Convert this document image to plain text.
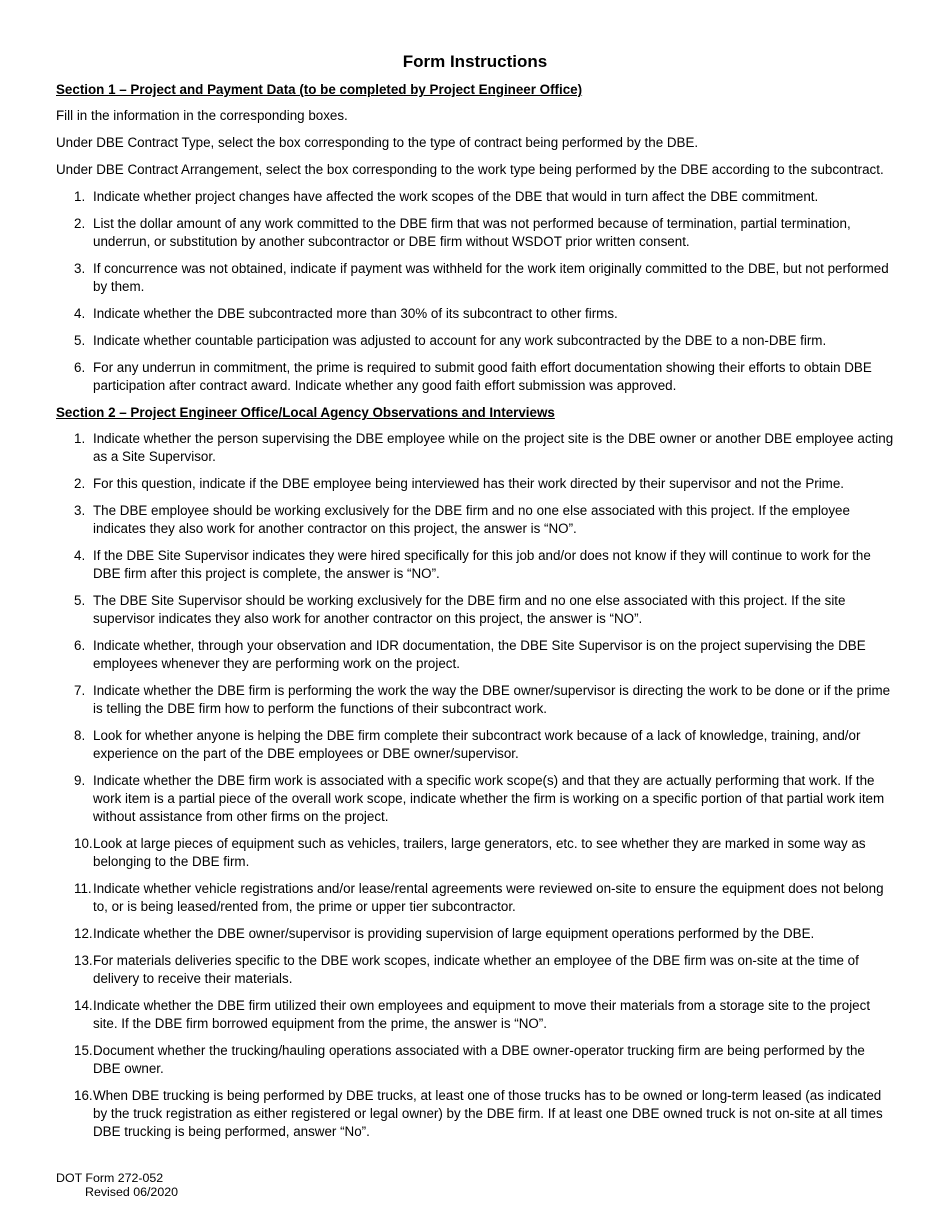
Form Instructions
Section 1 – Project and Payment Data (to be completed by Project Engineer Office)

Fill in the information in the corresponding boxes.

Under DBE Contract Type, select the box corresponding to the type of contract being performed by the DBE.

Under DBE Contract Arrangement, select the box corresponding to the work type being performed by the DBE according to the subcontract.

1. Indicate whether project changes have affected the work scopes of the DBE that would in turn affect the DBE commitment.
2. List the dollar amount of any work committed to the DBE firm that was not performed because of termination, partial termination, underrun, or substitution by another subcontractor or DBE firm without WSDOT prior written consent.
3. If concurrence was not obtained, indicate if payment was withheld for the work item originally committed to the DBE, but not performed by them.
4. Indicate whether the DBE subcontracted more than 30% of its subcontract to other firms.
5. Indicate whether countable participation was adjusted to account for any work subcontracted by the DBE to a non-DBE firm.
6. For any underrun in commitment, the prime is required to submit good faith effort documentation showing their efforts to obtain DBE participation after contract award. Indicate whether any good faith effort submission was approved.
Section 2 – Project Engineer Office/Local Agency Observations and Interviews
1. Indicate whether the person supervising the DBE employee while on the project site is the DBE owner or another DBE employee acting as a Site Supervisor.
2. For this question, indicate if the DBE employee being interviewed has their work directed by their supervisor and not the Prime.
3. The DBE employee should be working exclusively for the DBE firm and no one else associated with this project. If the employee indicates they also work for another contractor on this project, the answer is “NO”.
4. If the DBE Site Supervisor indicates they were hired specifically for this job and/or does not know if they will continue to work for the DBE firm after this project is complete, the answer is “NO”.
5. The DBE Site Supervisor should be working exclusively for the DBE firm and no one else associated with this project. If the site supervisor indicates they also work for another contractor on this project, the answer is “NO”.
6. Indicate whether, through your observation and IDR documentation, the DBE Site Supervisor is on the project supervising the DBE employees whenever they are performing work on the project.
7. Indicate whether the DBE firm is performing the work the way the DBE owner/supervisor is directing the work to be done or if the prime is telling the DBE firm how to perform the functions of their subcontract work.
8. Look for whether anyone is helping the DBE firm complete their subcontract work because of a lack of knowledge, training, and/or experience on the part of the DBE employees or DBE owner/supervisor.
9. Indicate whether the DBE firm work is associated with a specific work scope(s) and that they are actually performing that work. If the work item is a partial piece of the overall work scope, indicate whether the firm is working on a specific portion of that partial work item without assistance from other firms on the project.
10. Look at large pieces of equipment such as vehicles, trailers, large generators, etc. to see whether they are marked in some way as belonging to the DBE firm.
11. Indicate whether vehicle registrations and/or lease/rental agreements were reviewed on-site to ensure the equipment does not belong to, or is being leased/rented from, the prime or upper tier subcontractor.
12. Indicate whether the DBE owner/supervisor is providing supervision of large equipment operations performed by the DBE.
13. For materials deliveries specific to the DBE work scopes, indicate whether an employee of the DBE firm was on-site at the time of delivery to receive their materials.
14. Indicate whether the DBE firm utilized their own employees and equipment to move their materials from a storage site to the project site. If the DBE firm borrowed equipment from the prime, the answer is “NO”.
15. Document whether the trucking/hauling operations associated with a DBE owner-operator trucking firm are being performed by the DBE owner.
16. When DBE trucking is being performed by DBE trucks, at least one of those trucks has to be owned or long-term leased (as indicated by the truck registration as either registered or legal owner) by the DBE firm. If at least one DBE owned truck is not on-site at all times DBE trucking is being performed, answer “No”.
DOT Form 272-052
Revised 06/2020
